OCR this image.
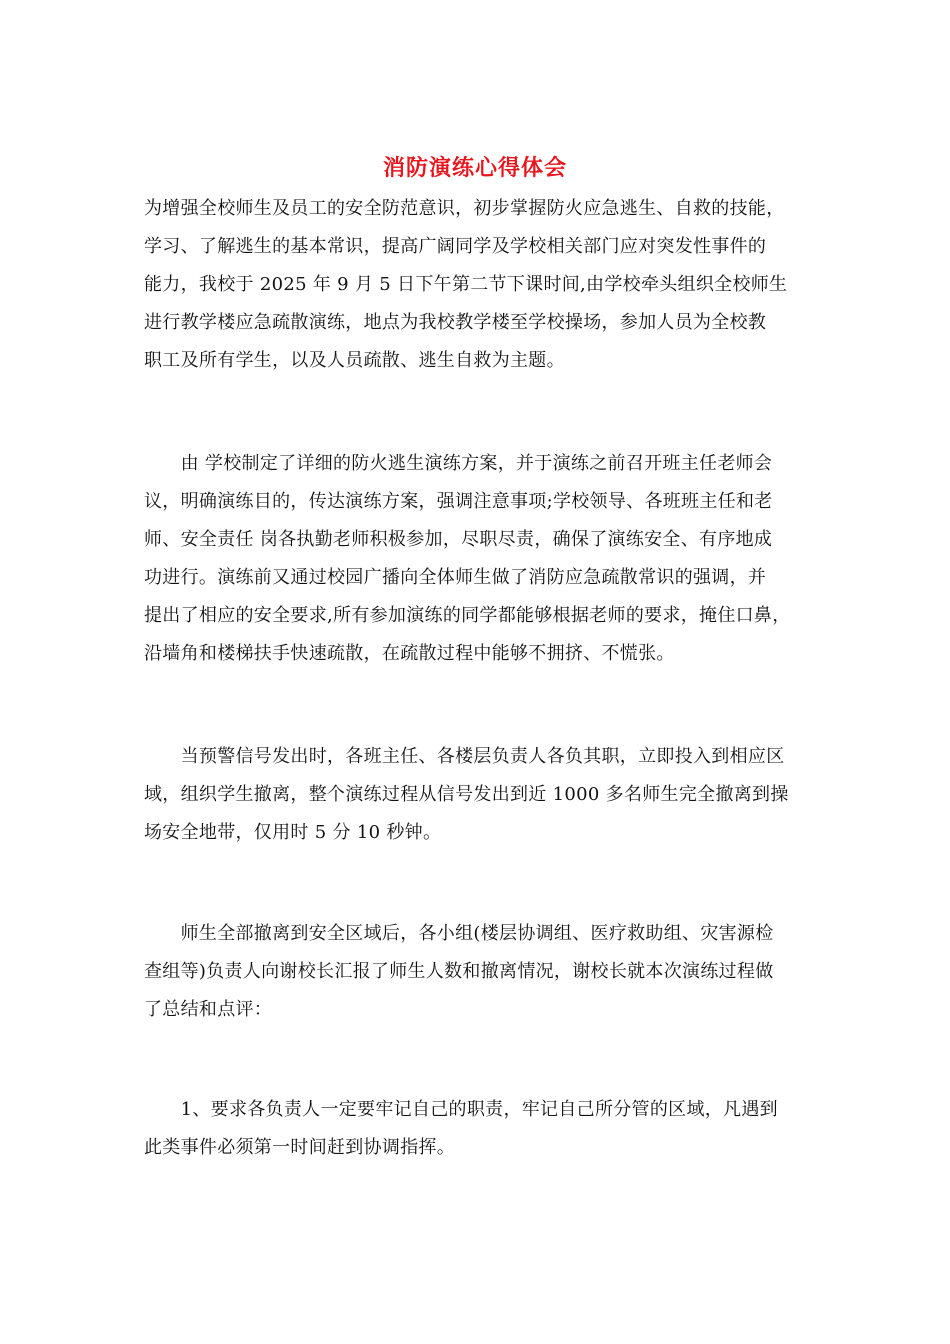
消防演练心得体会
为增强全校师生及员工的安全防范意识，初步掌握防火应急逃生、自救的技能，
学习、了解逃生的基本常识，提高广阔同学及学校相关部门应对突发性事件的
能力，我校于 2025 年 9 月 5 日下午第二节下课时间,由学校牵头组织全校师生
进行教学楼应急疏散演练，地点为我校教学楼至学校操场，参加人员为全校教
职工及所有学生，以及人员疏散、逃生自救为主题。
　　由 学校制定了详细的防火逃生演练方案，并于演练之前召开班主任老师会
议，明确演练目的，传达演练方案，强调注意事项;学校领导、各班班主任和老
师、安全责任 岗各执勤老师积极参加，尽职尽责，确保了演练安全、有序地成
功进行。演练前又通过校园广播向全体师生做了消防应急疏散常识的强调，并
提出了相应的安全要求,所有参加演练的同学都能够根据老师的要求，掩住口鼻，
沿墙角和楼梯扶手快速疏散，在疏散过程中能够不拥挤、不慌张。
　　当预警信号发出时，各班主任、各楼层负责人各负其职，立即投入到相应区
域，组织学生撤离，整个演练过程从信号发出到近 1000 多名师生完全撤离到操
场安全地带，仅用时 5 分 10 秒钟。
　　师生全部撤离到安全区域后，各小组(楼层协调组、医疗救助组、灾害源检
查组等)负责人向谢校长汇报了师生人数和撤离情况，谢校长就本次演练过程做
了总结和点评：
　　1、要求各负责人一定要牢记自己的职责，牢记自己所分管的区域，凡遇到
此类事件必须第一时间赶到协调指挥。
